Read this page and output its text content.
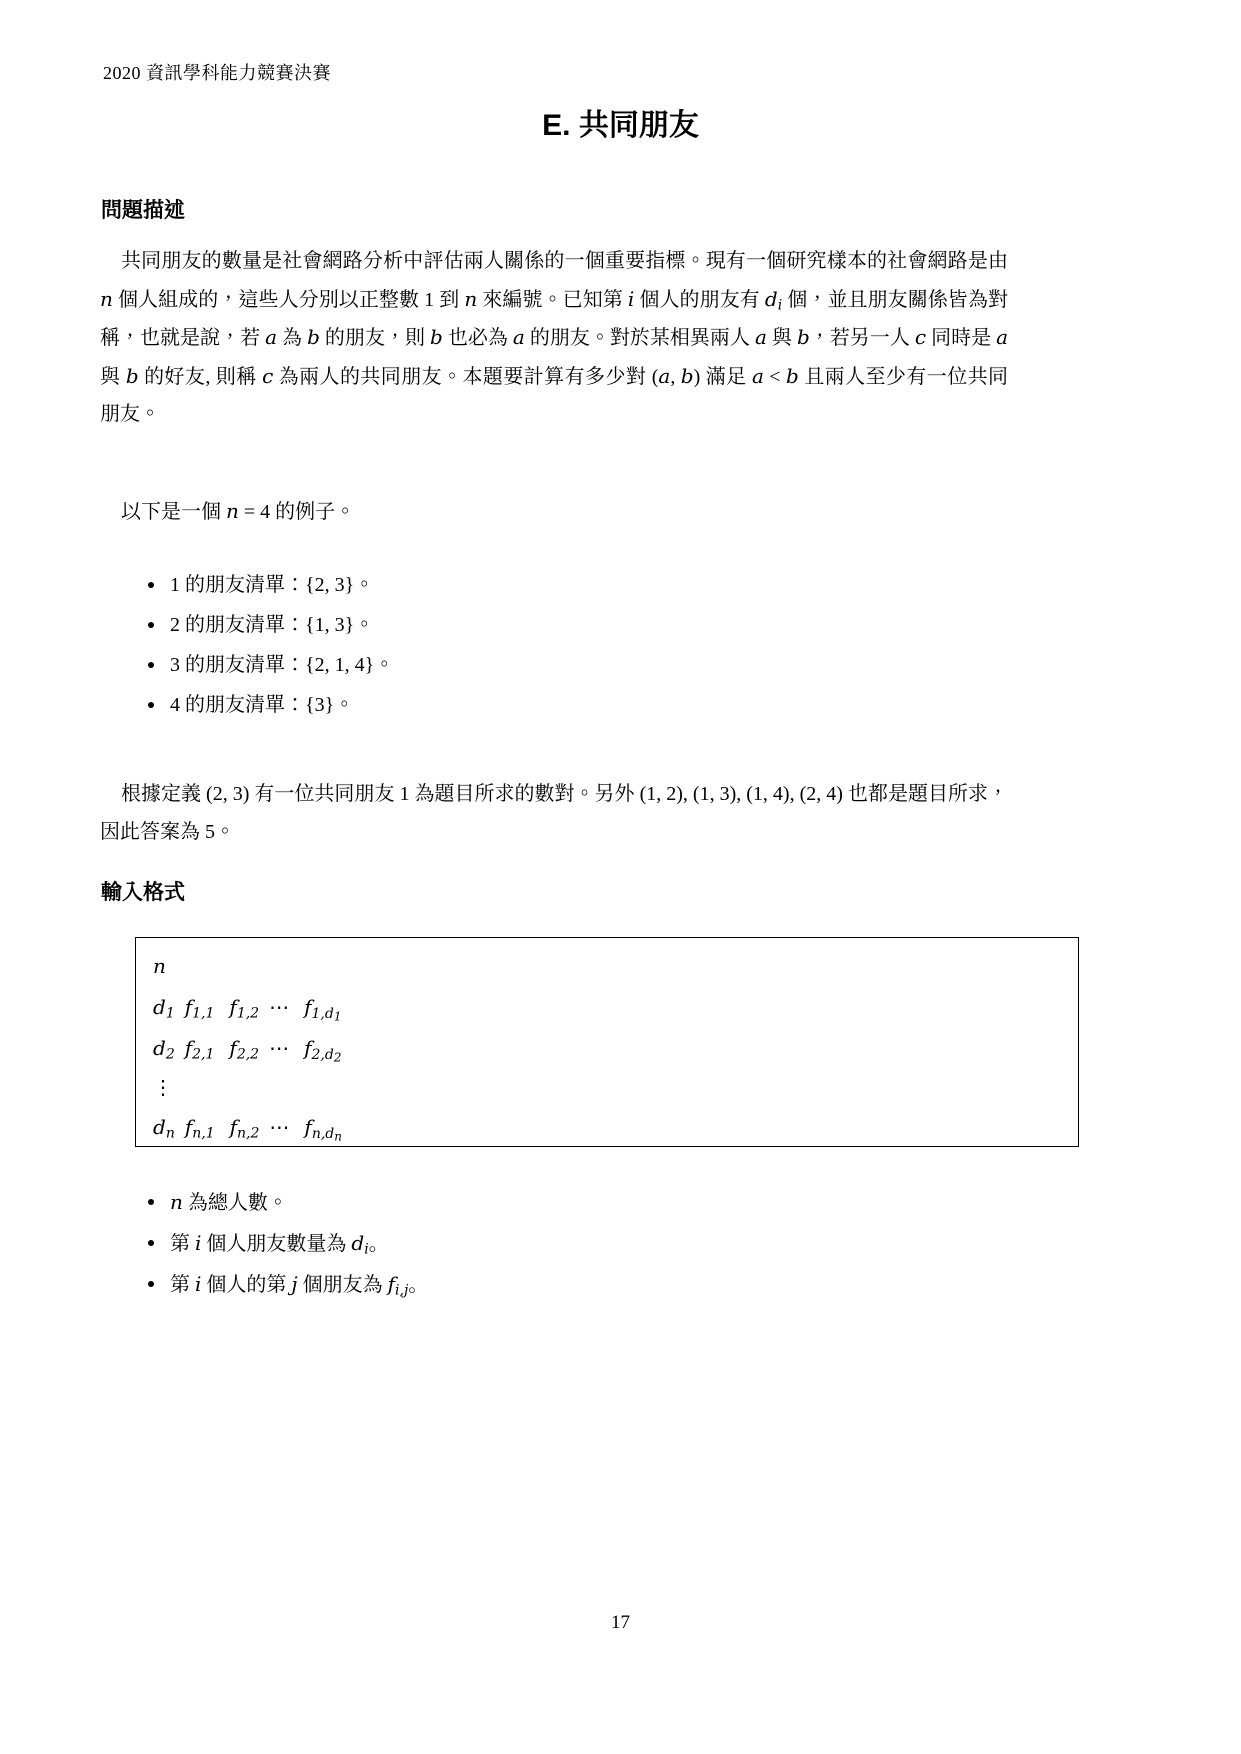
2020 資訊學科能力競賽決賽
E. 共同朋友
問題描述
共同朋友的數量是社會網路分析中評估兩人關係的一個重要指標。現有一個研究樣本的社會網路是由 n 個人組成的，這些人分別以正整數 1 到 n 來編號。已知第 i 個人的朋友有 $d_i$ 個，並且朋友關係皆為對稱，也就是說，若 a 為 b 的朋友，則 b 也必為 a 的朋友。對於某相異兩人 a 與 b，若另一人 c 同時是 a 與 b 的好友, 則稱 c 為兩人的共同朋友。本題要計算有多少對 (a, b) 滿足 a < b 且兩人至少有一位共同朋友。
以下是一個 n = 4 的例子。
1 的朋友清單：{2, 3}。
2 的朋友清單：{1, 3}。
3 的朋友清單：{2, 1, 4}。
4 的朋友清單：{3}。
根據定義 (2, 3) 有一位共同朋友 1 為題目所求的數對。另外 (1, 2), (1, 3), (1, 4), (2, 4) 也都是題目所求，因此答案為 5。
輸入格式
n
$d_1$ $f_{1,1}$ $f_{1,2}$  ⋯   $f_{1,d_1}$
$d_2$ $f_{2,1}$ $f_{2,2}$  ⋯   $f_{2,d_2}$
⋮
$d_n$ $f_{n,1}$ $f_{n,2}$  ⋯   $f_{n,d_n}$
n 為總人數。
第 i 個人朋友數量為 $d_i$。
第 i 個人的第 j 個朋友為 $f_{i,j}$。
17
